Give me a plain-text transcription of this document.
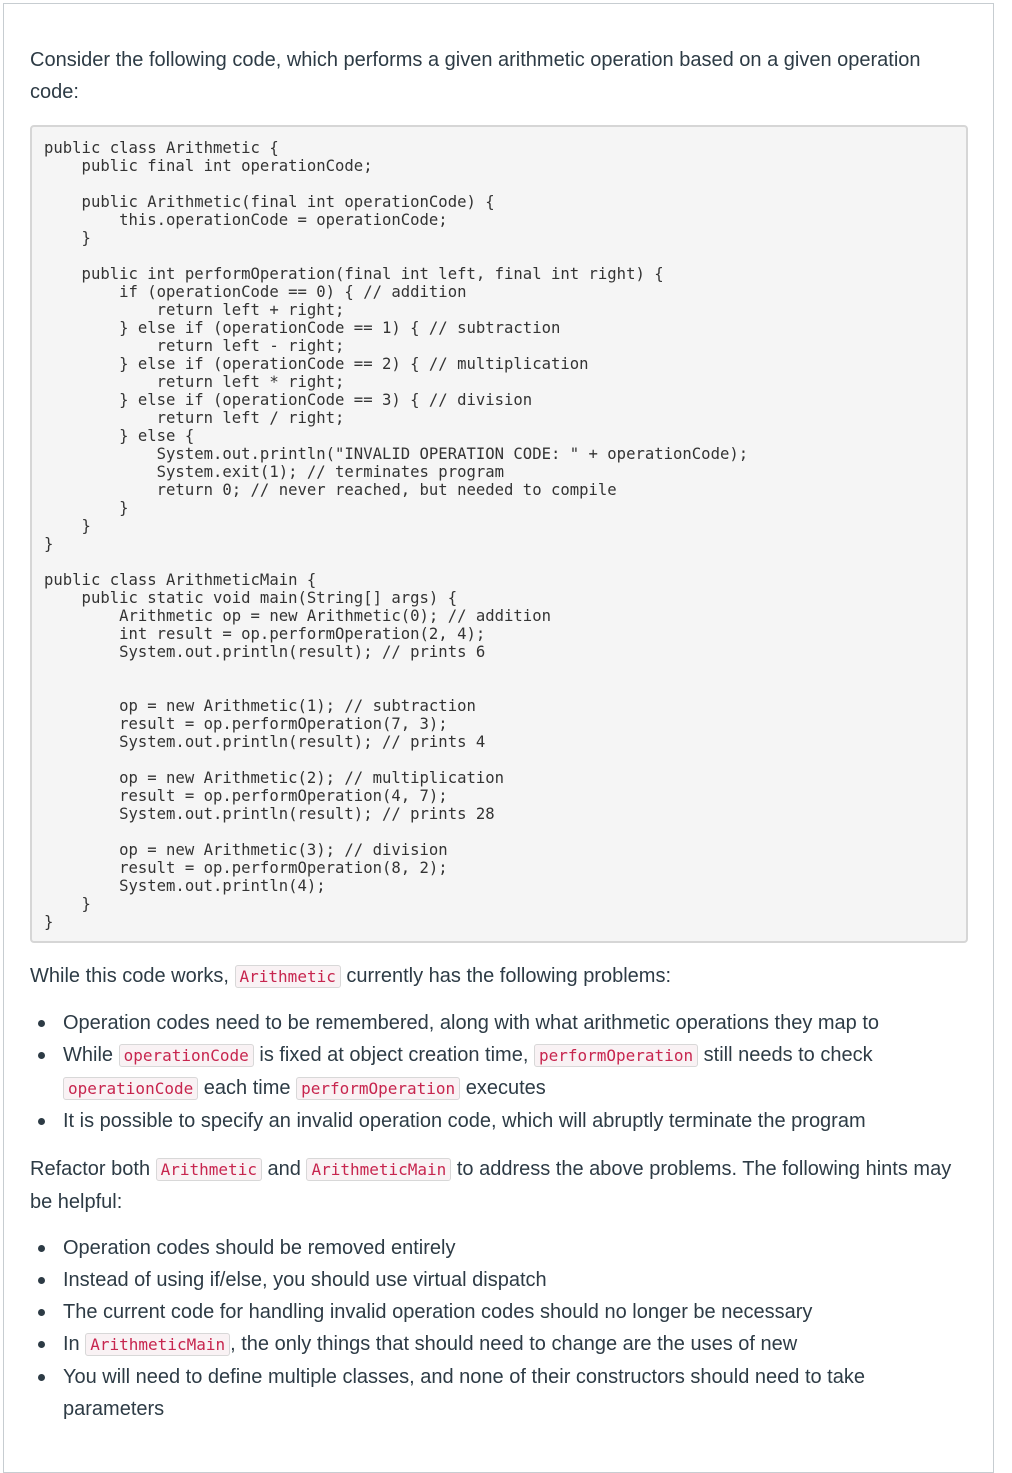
Consider the following code, which performs a given arithmetic operation based on a given operation code:

public class Arithmetic {
public final int operationCode;

public Arithmetic(final int operationCode) {
this.operationCode = operationCode;
}

public int performOperation(final int left, final int right) {
if (operationCode == 0) { // addition
return left + right;
} else if (operationCode == 1) { // subtraction
return left - right;
} else if (operationCode == 2) { // multiplication
return left * right;
} else if (operationCode == 3) { // division
return left / right;
} else {
System.out.println("INVALID OPERATION CODE: " + operationCode);
System.exit(1); // terminates program
return 0; // never reached, but needed to compile
}
}
}

public class ArithmeticMain {
public static void main(String[] args) {
Arithmetic op = new Arithmetic(0); // addition
int result = op.performOperation(2, 4);
System.out.println(result); // prints 6

op = new Arithmetic(1); // subtraction
result = op.performOperation(7, 3);
System.out.println(result); // prints 4

op = new Arithmetic(2); // multiplication
result = op.performOperation(4, 7);
System.out.println(result); // prints 28

op = new Arithmetic(3); // division
result = op.performOperation(8, 2);
System.out.println(4);
}
}

While this code works, Arithmetic currently has the following problems:

Operation codes need to be remembered, along with what arithmetic operations they map to
While operationCode is fixed at object creation time, performOperation still needs to check operationCode each time performOperation executes
It is possible to specify an invalid operation code, which will abruptly terminate the program

Refactor both Arithmetic and ArithmeticMain to address the above problems. The following hints may be helpful:

Operation codes should be removed entirely
Instead of using if/else, you should use virtual dispatch
The current code for handling invalid operation codes should no longer be necessary
In ArithmeticMain , the only things that should need to change are the uses of new
You will need to define multiple classes, and none of their constructors should need to take parameters
